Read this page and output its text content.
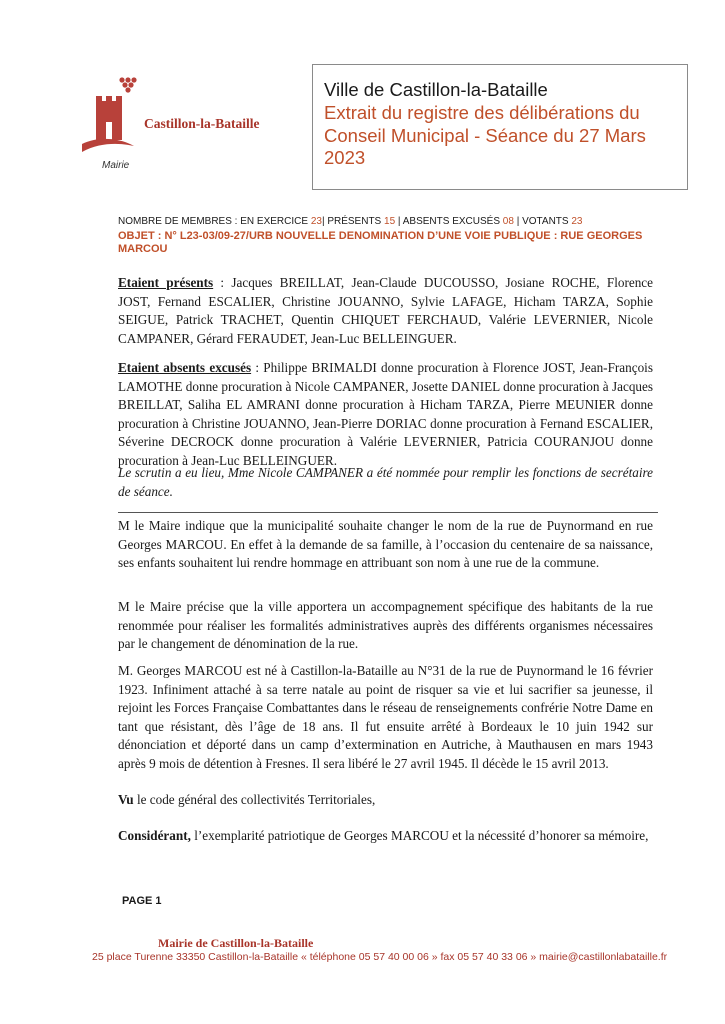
Castillon-la-Bataille
Mairie
Ville de Castillon-la-Bataille
Extrait du registre des délibérations du Conseil Municipal - Séance du 27 Mars 2023
NOMBRE DE MEMBRES : EN EXERCICE 23| PRÉSENTS 15 | ABSENTS EXCUSÉS 08 | VOTANTS 23
OBJET : N° L23-03/09-27/URB NOUVELLE DENOMINATION D’UNE VOIE PUBLIQUE : RUE GEORGES MARCOU
Etaient présents : Jacques BREILLAT, Jean-Claude DUCOUSSO, Josiane ROCHE, Florence JOST, Fernand ESCALIER, Christine JOUANNO, Sylvie LAFAGE, Hicham TARZA, Sophie SEIGUE, Patrick TRACHET, Quentin CHIQUET FERCHAUD, Valérie LEVERNIER, Nicole CAMPANER, Gérard FERAUDET, Jean-Luc BELLEINGUER.
Etaient absents excusés : Philippe BRIMALDI donne procuration à Florence JOST, Jean-François LAMOTHE donne procuration à Nicole CAMPANER, Josette DANIEL donne procuration à Jacques BREILLAT, Saliha EL AMRANI donne procuration à Hicham TARZA, Pierre MEUNIER donne procuration à Christine JOUANNO, Jean-Pierre DORIAC donne procuration à Fernand ESCALIER, Séverine DECROCK donne procuration à Valérie LEVERNIER, Patricia COURANJOU donne procuration à Jean-Luc BELLEINGUER.
Le scrutin a eu lieu, Mme Nicole CAMPANER a été nommée pour remplir les fonctions de secrétaire de séance.
M le Maire indique que la municipalité souhaite changer le nom de la rue de Puynormand en rue Georges MARCOU. En effet à la demande de sa famille, à l’occasion du centenaire de sa naissance, ses enfants souhaitent lui rendre hommage en attribuant son nom à une rue de la commune.
M le Maire précise que la ville apportera un accompagnement spécifique des habitants de la rue renommée pour réaliser les formalités administratives auprès des différents organismes nécessaires par le changement de dénomination de la rue.
M. Georges MARCOU est né à Castillon-la-Bataille au N°31 de la rue de Puynormand le 16 février 1923. Infiniment attaché à sa terre natale au point de risquer sa vie et lui sacrifier sa jeunesse, il rejoint les Forces Française Combattantes dans le réseau de renseignements confrérie Notre Dame en tant que résistant, dès l’âge de 18 ans. Il fut ensuite arrêté à Bordeaux le 10 juin 1942 sur dénonciation et déporté dans un camp d’extermination en Autriche, à Mauthausen en mars 1943 après 9 mois de détention à Fresnes. Il sera libéré le 27 avril 1945. Il décède le 15 avril 2013.
Vu le code général des collectivités Territoriales,
Considérant, l’exemplarité patriotique de Georges MARCOU et la nécessité d’honorer sa mémoire,
PAGE 1
Mairie de Castillon-la-Bataille
25 place Turenne 33350 Castillon-la-Bataille « téléphone 05 57 40 00 06 » fax 05 57 40 33 06 » mairie@castillonlabataille.fr
